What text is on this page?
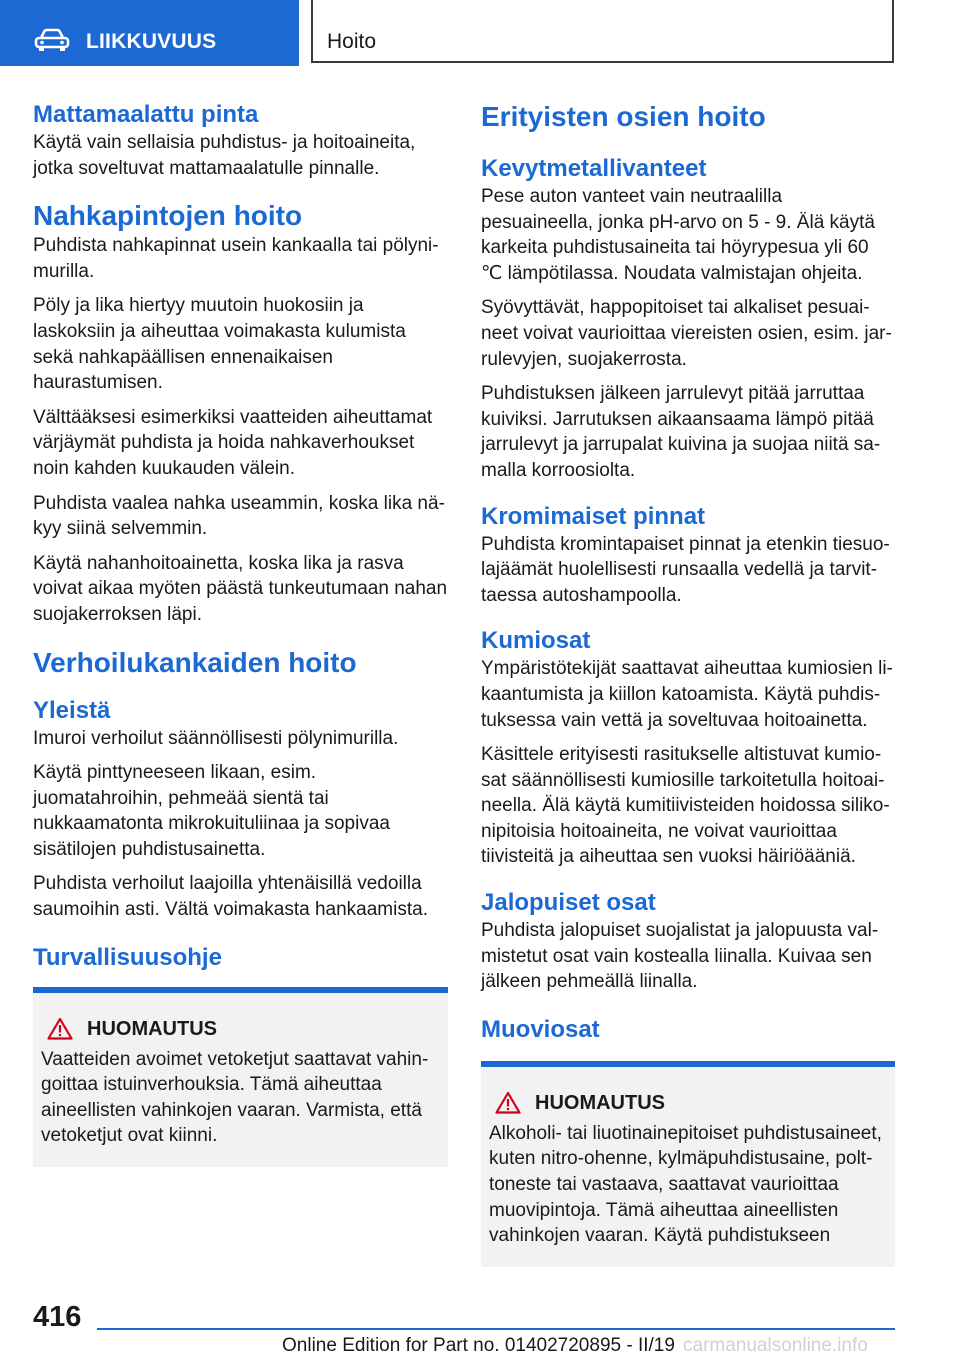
LIIKKUVUUS	Hoito
Mattamaalattu pinta

Käytä vain sellaisia puhdistus- ja hoitoaineita, jotka soveltuvat mattamaalatulle pinnalle.

Nahkapintojen hoito

Puhdista nahkapinnat usein kankaalla tai pölynimurilla.

Pöly ja lika hiertyy muutoin huokosiin ja laskoksiin ja aiheuttaa voimakasta kulumista sekä nahkapäällisen ennenaikaisen haurastumisen.

Välttääksesi esimerkiksi vaatteiden aiheuttamat värjäymät puhdista ja hoida nahkaverhoukset noin kahden kuukauden välein.

Puhdista vaalea nahka useammin, koska lika näkyy siinä selvemmin.

Käytä nahanhoitoainetta, koska lika ja rasva voivat aikaa myöten päästä tunkeutumaan nahan suojakerroksen läpi.

Verhoilukankaiden hoito
Yleistä

Imuroi verhoilut säännöllisesti pölynimurilla.

Käytä pinttyneeseen likaan, esim. juomatahroihin, pehmeää sientä tai nukkaamatonta mikrokuituliinaa ja sopivaa sisätilojen puhdistusainetta.

Puhdista verhoilut laajoilla yhtenäisillä vedoilla saumoihin asti. Vältä voimakasta hankaamista.

Turvallisuusohje
HUOMAUTUS

Vaatteiden avoimet vetoketjut saattavat vahingoittaa istuinverhouksia. Tämä aiheuttaa aineellisten vahinkojen vaaran. Varmista, että vetoketjut ovat kiinni.

Erityisten osien hoito
Kevytmetallivanteet

Pese auton vanteet vain neutraalilla pesuaineella, jonka pH-arvo on 5 - 9. Älä käytä karkeita puhdistusaineita tai höyrypesua yli 60 ℃ lämpötilassa. Noudata valmistajan ohjeita.

Syövyttävät, happopitoiset tai alkaliset pesuaineet voivat vaurioittaa viereisten osien, esim. jarrulevyjen, suojakerrosta.

Puhdistuksen jälkeen jarrulevyt pitää jarruttaa kuiviksi. Jarrutuksen aikaansaama lämpö pitää jarrulevyt ja jarrupalat kuivina ja suojaa niitä samalla korroosiolta.

Kromimaiset pinnat

Puhdista kromintapaiset pinnat ja etenkin tiesuolajäämät huolellisesti runsaalla vedellä ja tarvittaessa autoshampoolla.

Kumiosat

Ympäristötekijät saattavat aiheuttaa kumiosien likaantumista ja kiillon katoamista. Käytä puhdistuksessa vain vettä ja soveltuvaa hoitoainetta.

Käsittele erityisesti rasitukselle altistuvat kumiosat säännöllisesti kumiosille tarkoitetulla hoitoaineella. Älä käytä kumitiivisteiden hoidossa silikonipitoisia hoitoaineita, ne voivat vaurioittaa tiivisteitä ja aiheuttaa sen vuoksi häiriöääniä.

Jalopuiset osat

Puhdista jalopuiset suojalistat ja jalopuusta valmistetut osat vain kostealla liinalla. Kuivaa sen jälkeen pehmeällä liinalla.

Muoviosat
HUOMAUTUS

Alkoholi- tai liuotinainepitoiset puhdistusaineet, kuten nitro-ohenne, kylmäpuhdistusaine, polttoneste tai vastaava, saattavat vaurioittaa muovipintoja. Tämä aiheuttaa aineellisten vahinkojen vaaran. Käytä puhdistukseen

416
Online Edition for Part no. 01402720895 - II/19 carmanualsonline.info
